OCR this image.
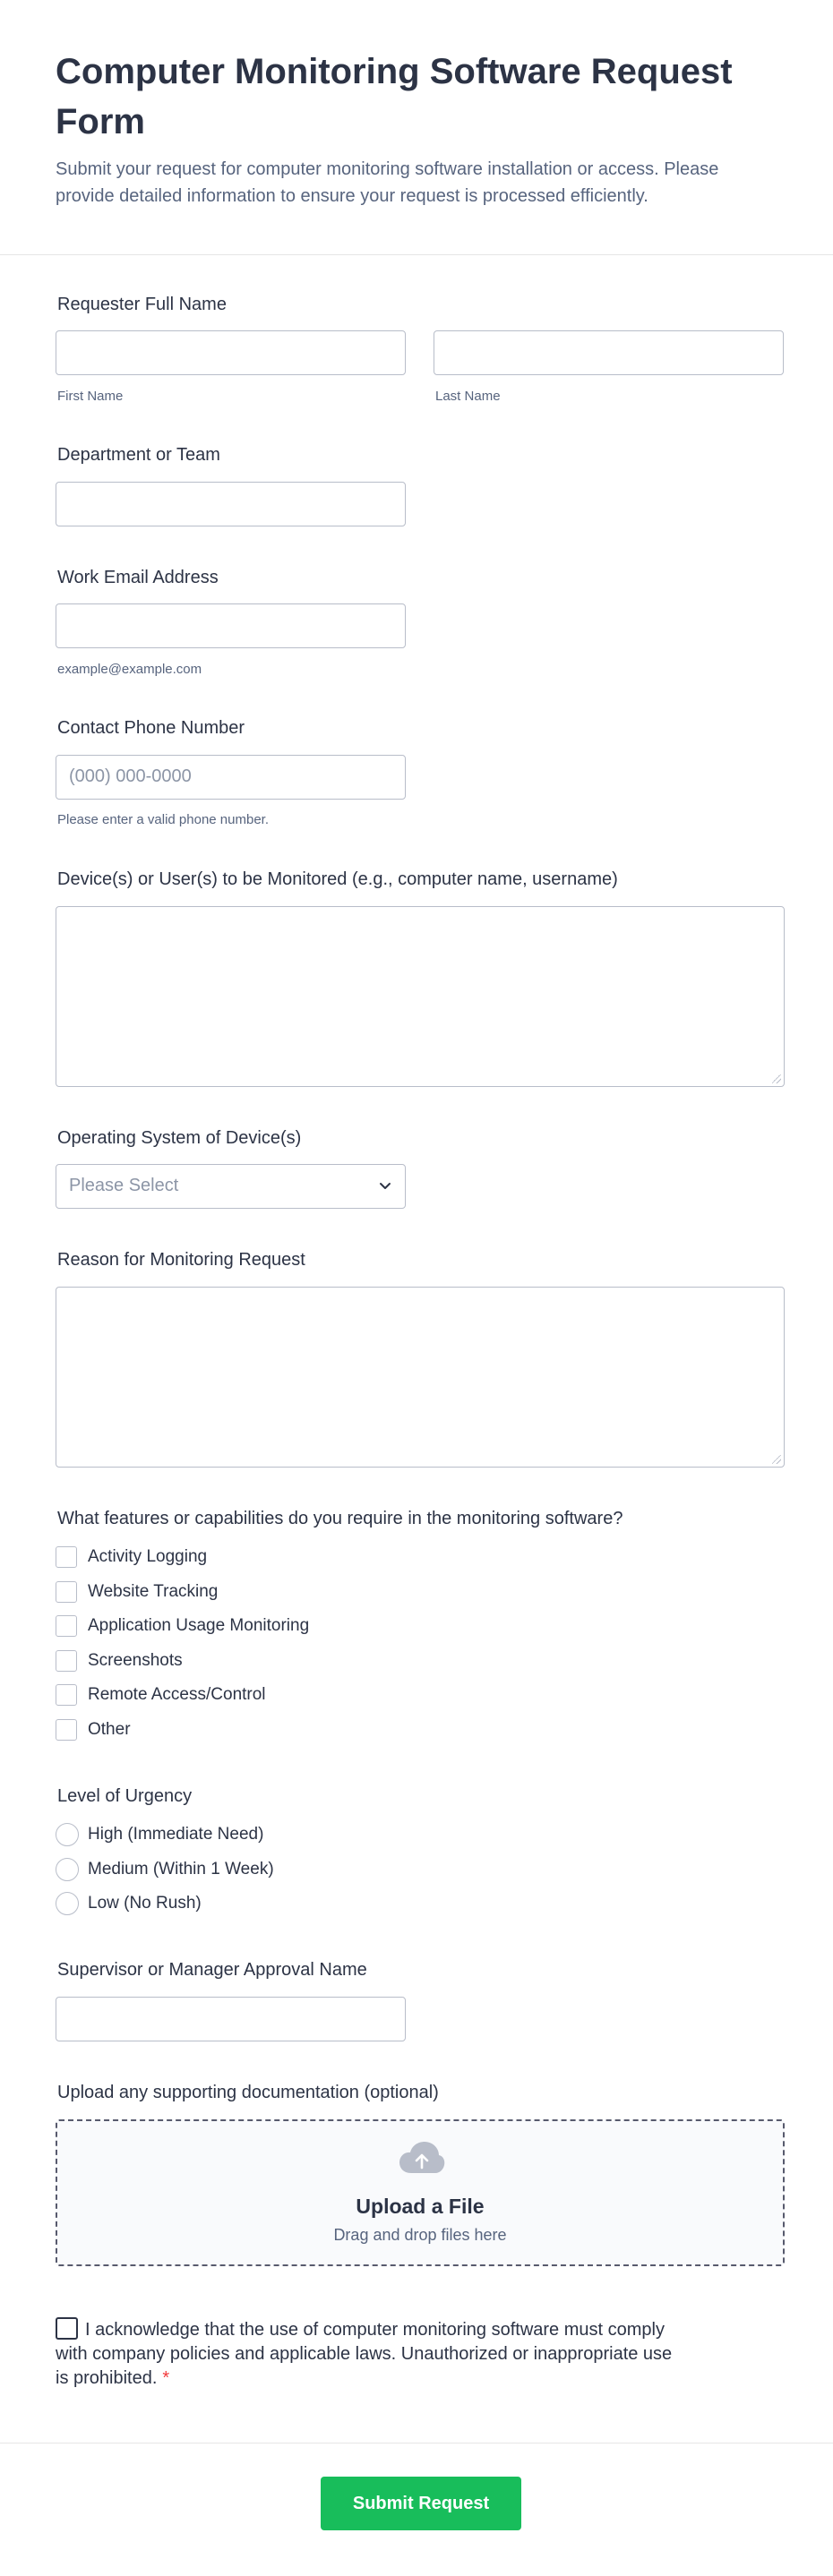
Computer Monitoring Software Request Form

Submit your request for computer monitoring software installation or access. Please provide detailed information to ensure your request is processed efficiently.

Requester Full Name
First Name	Last Name
Department or Team
Work Email Address
example@example.com
Contact Phone Number
(000) 000-0000
Please enter a valid phone number.
Device(s) or User(s) to be Monitored (e.g., computer name, username)
Operating System of Device(s)
Please Select
Reason for Monitoring Request
What features or capabilities do you require in the monitoring software?
Activity Logging
Website Tracking
Application Usage Monitoring
Screenshots
Remote Access/Control
Other
Level of Urgency
High (Immediate Need)
Medium (Within 1 Week)
Low (No Rush)
Supervisor or Manager Approval Name
Upload any supporting documentation (optional)
Upload a File
Drag and drop files here
I acknowledge that the use of computer monitoring software must comply with company policies and applicable laws. Unauthorized or inappropriate use is prohibited. *
Submit Request
